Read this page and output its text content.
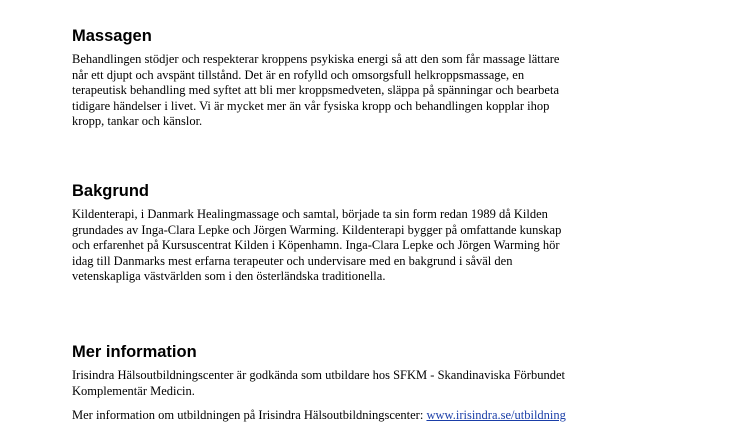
Massagen

Behandlingen stödjer och respekterar kroppens psykiska energi så att den som får massage lättare
når ett djupt och avspänt tillstånd. Det är en rofylld och omsorgsfull helkroppsmassage, en
terapeutisk behandling med syftet att bli mer kroppsmedveten, släppa på spänningar och bearbeta
tidigare händelser i livet. Vi är mycket mer än vår fysiska kropp och behandlingen kopplar ihop
kropp, tankar och känslor.

Bakgrund

Kildenterapi, i Danmark Healingmassage och samtal, började ta sin form redan 1989 då Kilden
grundades av Inga-Clara Lepke och Jörgen Warming. Kildenterapi bygger på omfattande kunskap
och erfarenhet på Kursuscentrat Kilden i Köpenhamn. Inga-Clara Lepke och Jörgen Warming hör
idag till Danmarks mest erfarna terapeuter och undervisare med en bakgrund i såväl den
vetenskapliga västvärlden som i den österländska traditionella.

Mer information

Irisindra Hälsoutbildningscenter är godkända som utbildare hos SFKM - Skandinaviska Förbundet
Komplementär Medicin.

Mer information om utbildningen på Irisindra Hälsoutbildningscenter: www.irisindra.se/utbildning
